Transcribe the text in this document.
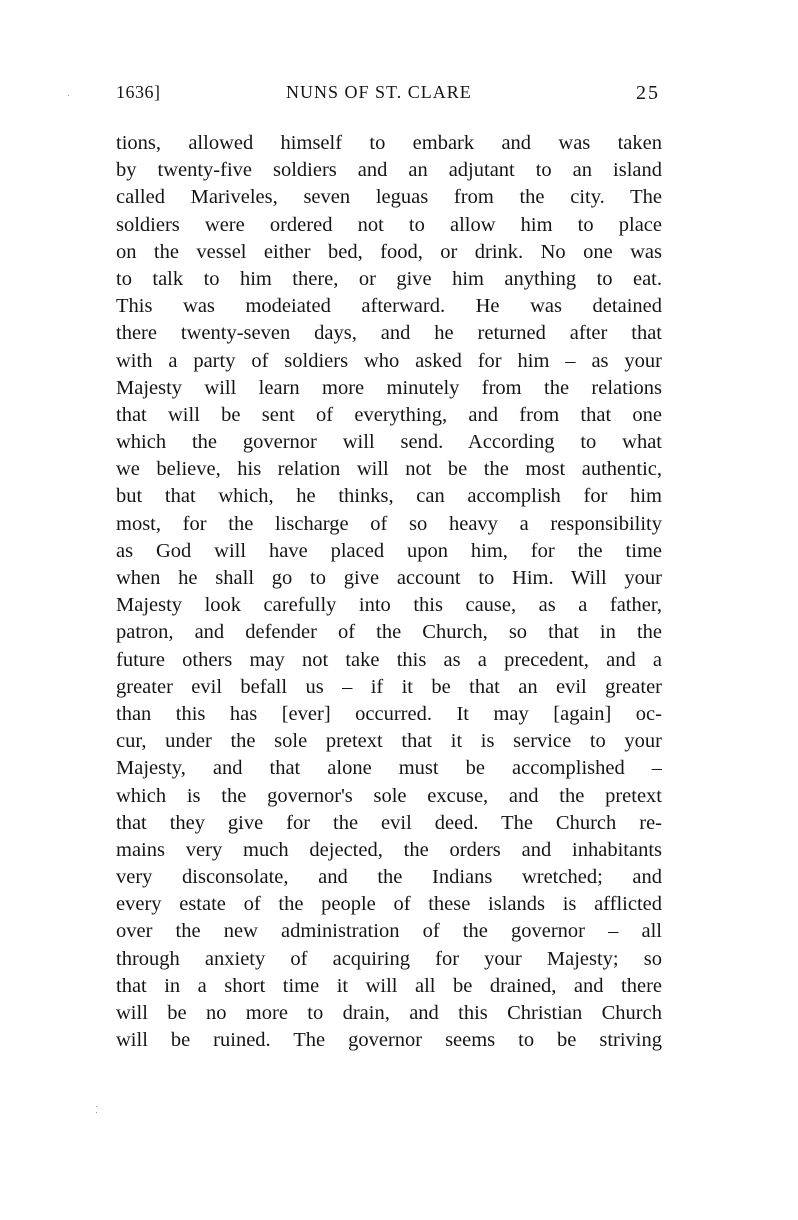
1636]	NUNS OF ST. CLARE	25
tions, allowed himself to embark and was taken
by twenty-five soldiers and an adjutant to an island
called Mariveles, seven leguas from the city. The
soldiers were ordered not to allow him to place
on the vessel either bed, food, or drink. No one was
to talk to him there, or give him anything to eat.
This was modeiated afterward. He was detained
there twenty-seven days, and he returned after that
with a party of soldiers who asked for him – as your
Majesty will learn more minutely from the relations
that will be sent of everything, and from that one
which the governor will send. According to what
we believe, his relation will not be the most authentic,
but that which, he thinks, can accomplish for him
most, for the lischarge of so heavy a responsibility
as God will have placed upon him, for the time
when he shall go to give account to Him. Will your
Majesty look carefully into this cause, as a father,
patron, and defender of the Church, so that in the
future others may not take this as a precedent, and a
greater evil befall us – if it be that an evil greater
than this has [ever] occurred. It may [again] oc-
cur, under the sole pretext that it is service to your
Majesty, and that alone must be accomplished –
which is the governor's sole excuse, and the pretext
that they give for the evil deed. The Church re-
mains very much dejected, the orders and inhabitants
very disconsolate, and the Indians wretched; and
every estate of the people of these islands is afflicted
over the new administration of the governor – all
through anxiety of acquiring for your Majesty; so
that in a short time it will all be drained, and there
will be no more to drain, and this Christian Church
will be ruined. The governor seems to be striving
